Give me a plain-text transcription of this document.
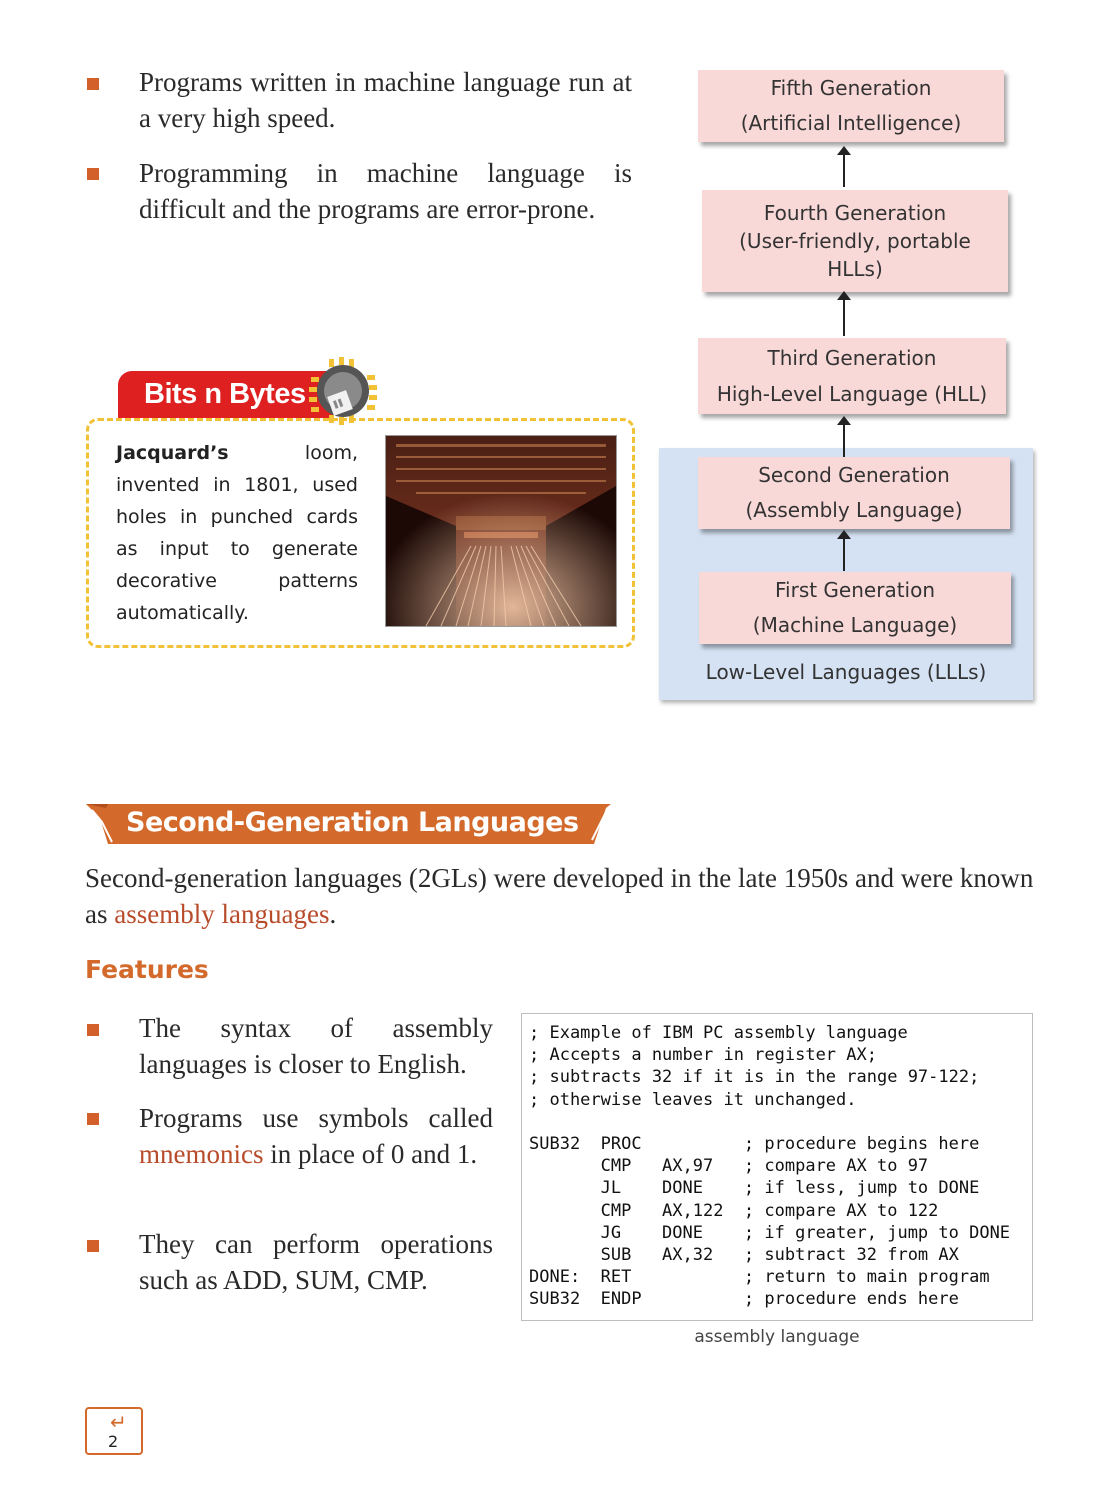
Programs written in machine language run at a very high speed.
Programming in machine language is difficult and the programs are error-prone.
Bits n Bytes
Jacquard’s loom, invented in 1801, used holes in punched cards as input to generate decorative patterns automatically.
Fifth Generation
(Artificial Intelligence)
Fourth Generation
(User-friendly, portable
HLLs)
Third Generation
High-Level Language (HLL)
Second Generation
(Assembly Language)
First Generation
(Machine Language)
Low-Level Languages (LLLs)
Second-Generation Languages
Second-generation languages (2GLs) were developed in the late 1950s and were known as assembly languages.
Features
The syntax of assembly languages is closer to English.
Programs use symbols called mnemonics in place of 0 and 1.
They can perform operations such as ADD, SUM, CMP.
; Example of IBM PC assembly language
; Accepts a number in register AX;
; subtracts 32 if it is in the range 97-122;
; otherwise leaves it unchanged.

SUB32  PROC          ; procedure begins here
CMP   AX,97   ; compare AX to 97
JL    DONE    ; if less, jump to DONE
CMP   AX,122  ; compare AX to 122
JG    DONE    ; if greater, jump to DONE
SUB   AX,32   ; subtract 32 from AX
DONE:  RET           ; return to main program
SUB32  ENDP          ; procedure ends here
assembly language
↵
2
